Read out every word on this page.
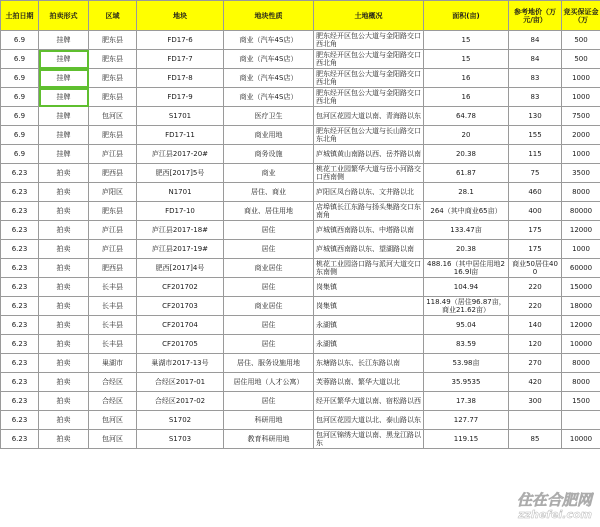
土拍日期	拍卖形式	区域	地块	地块性质	土地概况	面积(亩)	参考地价（万元/亩）	竞买保证金（万
6.9	挂牌	肥东县	FD17-6	商业（汽车4S店）	肥东经开区包公大道与金阳路交口西北角	15	84	500
6.9	挂牌	肥东县	FD17-7	商业（汽车4S店）	肥东经开区包公大道与金阳路交口西北角	15	84	500
6.9	挂牌	肥东县	FD17-8	商业（汽车4S店）	肥东经开区包公大道与金阳路交口西北角	16	83	1000
6.9	挂牌	肥东县	FD17-9	商业（汽车4S店）	肥东经开区包公大道与金阳路交口西北角	16	83	1000
6.9	挂牌	包河区	S1701	医疗卫生	包河区花园大道以南、青海路以东	64.78	130	7500
6.9	挂牌	肥东县	FD17-11	商业用地	肥东经开区包公大道与长山路交口东北角	20	155	2000
6.9	挂牌	庐江县	庐江县2017-20#	商务设施	庐城镇黄山南路以西、岳芥路以南	20.38	115	1000
6.23	拍卖	肥西县	肥西[2017]5号	商业	桃花工业园繁华大道与岳小河路交口西南侧	61.87	75	3500
6.23	拍卖	庐阳区	N1701	居住、商业	庐阳区凤台路以东、文井路以北	28.1	460	8000
6.23	拍卖	肥东县	FD17-10	商业、居住用地	店埠镇长江东路与扬头集路交口东南角	264（其中商业65亩）	400	80000
6.23	拍卖	庐江县	庐江县2017-18#	居住	庐城镇西南路以东、中塔路以南	133.47亩	175	12000
6.23	拍卖	庐江县	庐江县2017-19#	居住	庐城镇西南路以东、望湖路以南	20.38	175	1000
6.23	拍卖	肥西县	肥西[2017]4号	商业居住	桃花工业园洛口路与派河大道交口东南侧	488.16（其中居住用地216.9l亩	商业50居住400	60000
6.23	拍卖	长丰县	CF201702	居住	岗集镇	104.94	220	15000
6.23	拍卖	长丰县	CF201703	商业居住	岗集镇	118.49（居住96.87亩，商业21.62亩）	220	18000
6.23	拍卖	长丰县	CF201704	居住	永湖镇	95.04	140	12000
6.23	拍卖	长丰县	CF201705	居住	永湖镇	83.59	120	10000
6.23	拍卖	巢湖市	巢湖市2017-13号	居住、服务设施用地	东塘路以东、长江东路以南	53.98亩	270	8000
6.23	拍卖	合经区	合经区2017-01	居住用地（人才公寓）	芙蓉路以南、繁华大道以北	35.9535	420	8000
6.23	拍卖	合经区	合经区2017-02	居住	经开区繁华大道以南、宿松路以西	17.38	300	1500
6.23	拍卖	包河区	S1702	科研用地	包河区花园大道以北、泰山路以东	127.77		
6.23	拍卖	包河区	S1703	教育科研用地	包河区锦绣大道以南、黑龙江路以东	119.15	85	10000
住在合肥网
zzhefei.com
